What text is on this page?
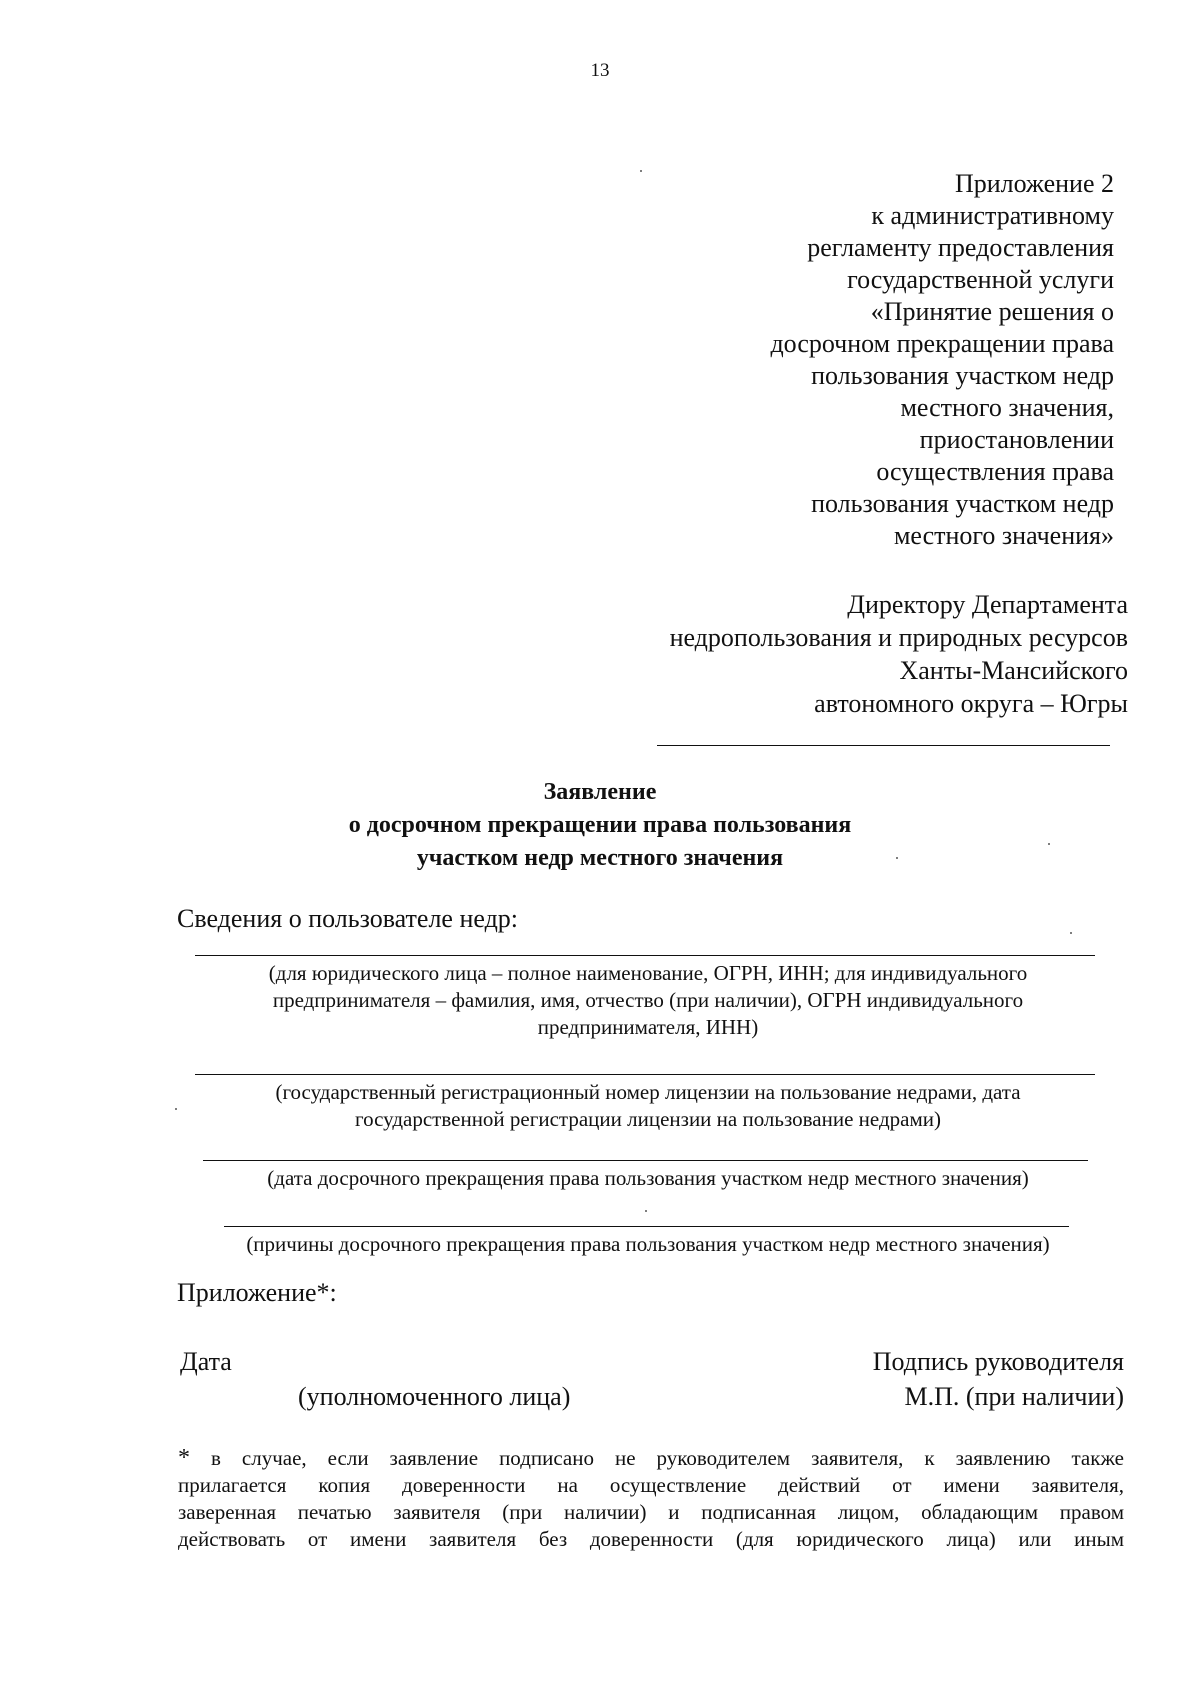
13
Приложение 2
к административному
регламенту предоставления
государственной услуги
«Принятие решения о
досрочном прекращении права
пользования участком недр
местного значения,
приостановлении
осуществления права
пользования участком недр
местного значения»
Директору Департамента
недропользования и природных ресурсов
Ханты-Мансийского
автономного округа – Югры
Заявление
о досрочном прекращении права пользования
участком недр местного значения
Сведения о пользователе недр:
(для юридического лица – полное наименование, ОГРН, ИНН; для индивидуального
предпринимателя – фамилия, имя, отчество (при наличии), ОГРН индивидуального
предпринимателя, ИНН)
(государственный регистрационный номер лицензии на пользование недрами, дата
государственной регистрации лицензии на пользование недрами)
(дата досрочного прекращения права пользования участком недр местного значения)
(причины досрочного прекращения права пользования участком недр местного значения)
Приложение*:
Дата	Подпись руководителя
(уполномоченного лица)	М.П. (при наличии)
* в случае, если заявление подписано не руководителем заявителя, к заявлению также
прилагается копия доверенности на осуществление действий от имени заявителя,
заверенная печатью заявителя (при наличии) и подписанная лицом, обладающим правом
действовать от имени заявителя без доверенности (для юридического лица) или иным
